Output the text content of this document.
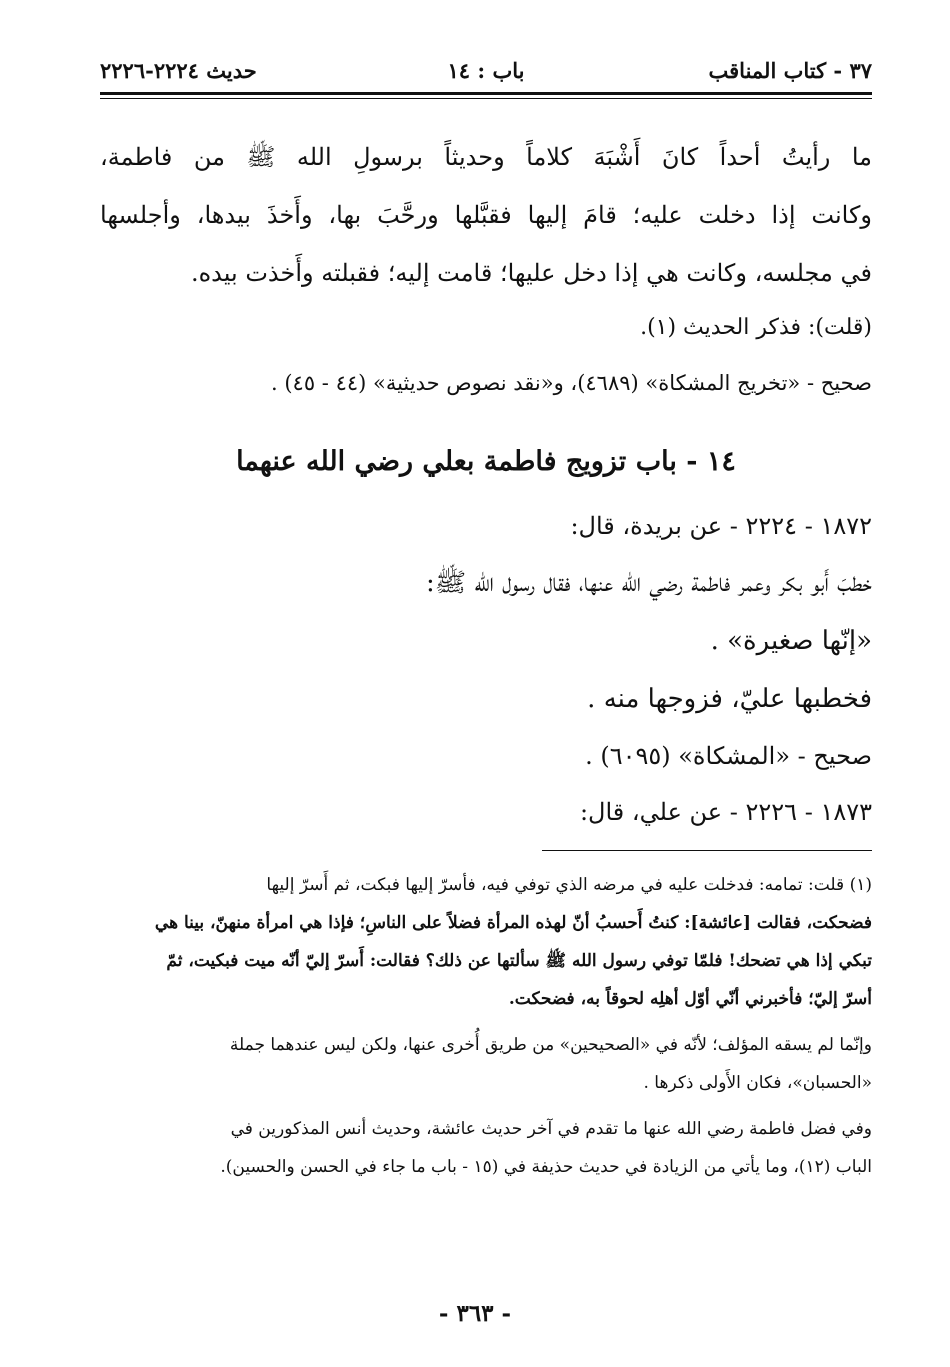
٣٧ - كتاب المناقب
باب : ١٤
حديث ٢٢٢٤-٢٢٢٦
ما رأيتُ أحداً كانَ أَشْبَهَ كلاماً وحديثاً برسولِ الله ﷺ من فاطمة،
وكانت إذا دخلت عليه؛ قامَ إليها فقبَّلها ورحَّبَ بها، وأَخذَ بيدها، وأجلسها
في مجلسه، وكانت هي إذا دخل عليها؛ قامت إليه؛ فقبلته وأَخذت بيده.
(قلت): فذكر الحديث (١).
صحيح - «تخريج المشكاة» (٤٦٨٩)، و«نقد نصوص حديثية» (٤٤ - ٤٥) .
١٤ - باب تزويج فاطمة بعلي رضي الله عنهما
١٨٧٢ - ٢٢٢٤ - عن بريدة، قال:
خطبَ أَبو بكر وعمر فاطمة رضي الله عنها، فقال رسول الله ﷺ:
«إنّها صغيرة» .
فخطبها عليّ، فزوجها منه .
صحيح - «المشكاة» (٦٠٩٥) .
١٨٧٣ - ٢٢٢٦ - عن علي، قال:
(١) قلت: تمامه: فدخلت عليه في مرضه الذي توفي فيه، فأسرّ إليها فبكت، ثم أَسرّ إليها
فضحكت، فقالت [عائشة]: كنتُ أَحسبُ أنّ لهذه المرأة فضلاً على الناسِ؛ فإذا هي امرأة منهنّ، بينا هي
تبكي إذا هي تضحك! فلمّا توفي رسول الله ﷺ سألتها عن ذلك؟ فقالت: أَسرّ إليّ أنّه ميت فبكيت، ثمّ
أسرّ إليّ؛ فأخبرني أنّي أوّل أهلِه لحوقاً به، فضحكت.
وإنّما لم يسقه المؤلف؛ لأنّه في «الصحيحين» من طريق أُخرى عنها، ولكن ليس عندهما جملة
«الحسبان»، فكان الأَولى ذكرها .
وفي فضل فاطمة رضي الله عنها ما تقدم في آخر حديث عائشة، وحديث أنس المذكورين في
الباب (١٢)، وما يأتي من الزيادة في حديث حذيفة في (١٥ - باب ما جاء في الحسن والحسين).
- ٣٦٣ -
